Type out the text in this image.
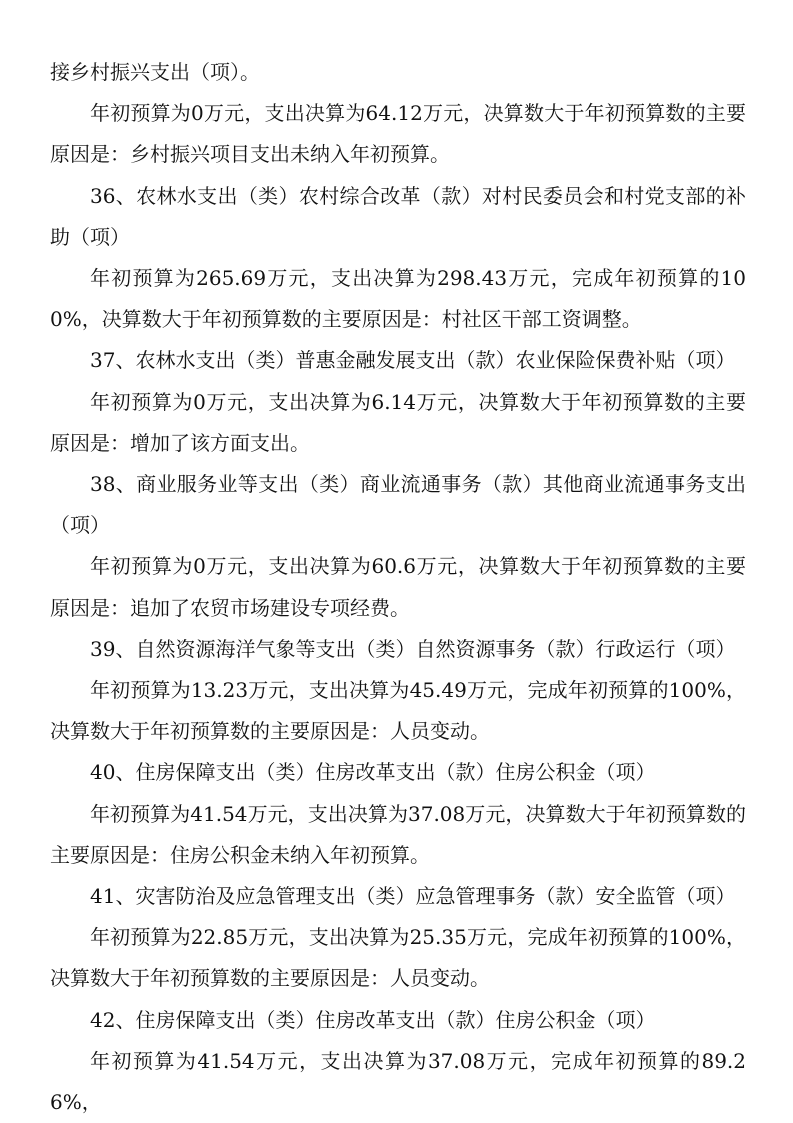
接乡村振兴支出（项）。

年初预算为0万元，支出决算为64.12万元，决算数大于年初预算数的主要原因是：乡村振兴项目支出未纳入年初预算。

36、农林水支出（类）农村综合改革（款）对村民委员会和村党支部的补助（项）

年初预算为265.69万元，支出决算为298.43万元，完成年初预算的100%，决算数大于年初预算数的主要原因是：村社区干部工资调整。

37、农林水支出（类）普惠金融发展支出（款）农业保险保费补贴（项）

年初预算为0万元，支出决算为6.14万元，决算数大于年初预算数的主要原因是：增加了该方面支出。

38、商业服务业等支出（类）商业流通事务（款）其他商业流通事务支出（项）

年初预算为0万元，支出决算为60.6万元，决算数大于年初预算数的主要原因是：追加了农贸市场建设专项经费。

39、自然资源海洋气象等支出（类）自然资源事务（款）行政运行（项）

年初预算为13.23万元，支出决算为45.49万元，完成年初预算的100%，决算数大于年初预算数的主要原因是：人员变动。

40、住房保障支出（类）住房改革支出（款）住房公积金（项）

年初预算为41.54万元，支出决算为37.08万元，决算数大于年初预算数的主要原因是：住房公积金未纳入年初预算。

41、灾害防治及应急管理支出（类）应急管理事务（款）安全监管（项）

年初预算为22.85万元，支出决算为25.35万元，完成年初预算的100%，决算数大于年初预算数的主要原因是：人员变动。

42、住房保障支出（类）住房改革支出（款）住房公积金（项）

年初预算为41.54万元，支出决算为37.08万元，完成年初预算的89.26%，
